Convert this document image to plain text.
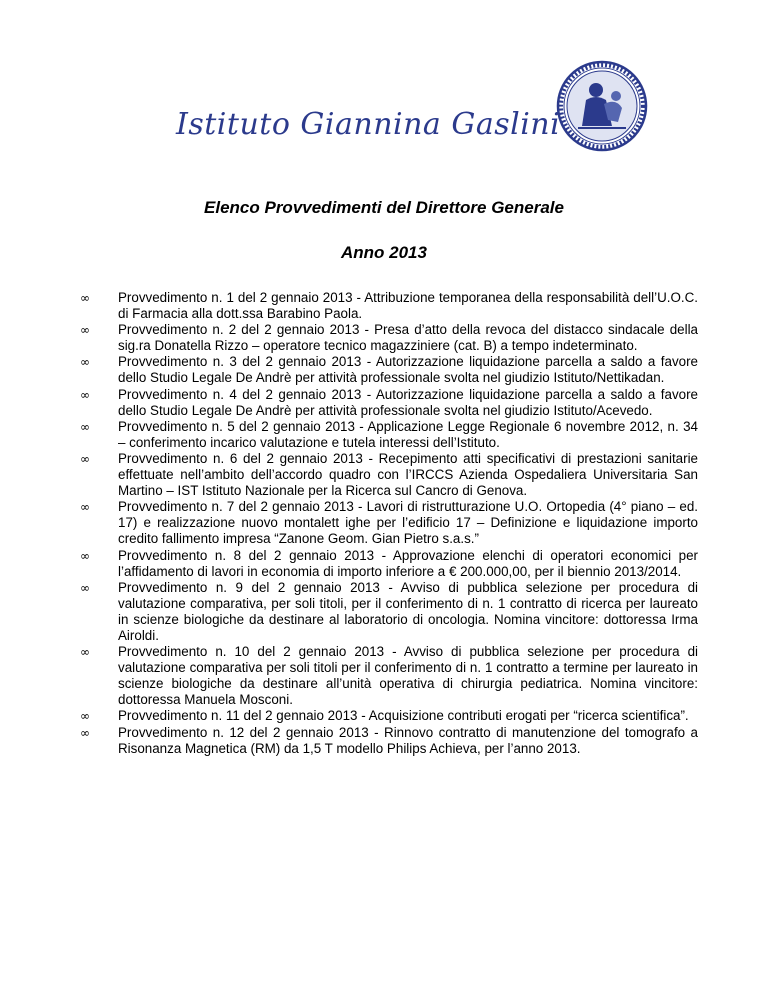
Istituto Giannina Gaslini
Elenco Provvedimenti del Direttore Generale
Anno 2013
∞ Provvedimento n. 1 del 2 gennaio 2013 - Attribuzione temporanea della responsabilità dell’U.O.C. di Farmacia alla dott.ssa Barabino Paola.
∞ Provvedimento n. 2 del 2 gennaio 2013 - Presa d’atto della revoca del distacco sindacale della sig.ra Donatella Rizzo – operatore tecnico magazziniere (cat. B) a tempo indeterminato.
∞ Provvedimento n. 3 del 2 gennaio 2013 - Autorizzazione liquidazione parcella a saldo a favore dello Studio Legale De Andrè per attività professionale svolta nel giudizio Istituto/Nettikadan.
∞ Provvedimento n. 4 del 2 gennaio 2013 - Autorizzazione liquidazione parcella a saldo a favore dello Studio Legale De Andrè per attività professionale svolta nel giudizio Istituto/Acevedo.
∞ Provvedimento n. 5 del 2 gennaio 2013 - Applicazione Legge Regionale 6 novembre 2012, n. 34 – conferimento incarico valutazione e tutela interessi dell’Istituto.
∞ Provvedimento n. 6 del 2 gennaio 2013 - Recepimento atti specificativi di prestazioni sanitarie effettuate nell’ambito dell’accordo quadro con l’IRCCS Azienda Ospedaliera Universitaria San Martino – IST Istituto Nazionale per la Ricerca sul Cancro di Genova.
∞ Provvedimento n. 7 del 2 gennaio 2013 - Lavori di ristrutturazione U.O. Ortopedia (4° piano – ed. 17) e realizzazione nuovo montalett ighe per l’edificio 17 – Definizione e liquidazione importo credito fallimento impresa “Zanone Geom. Gian Pietro s.a.s.”
∞ Provvedimento n. 8 del 2 gennaio 2013 - Approvazione elenchi di operatori economici per l’affidamento di lavori in economia di importo inferiore a € 200.000,00, per il biennio 2013/2014.
∞ Provvedimento n. 9 del 2 gennaio 2013 - Avviso di pubblica selezione per procedura di valutazione comparativa, per soli titoli, per il conferimento di n. 1 contratto di ricerca per laureato in scienze biologiche da destinare al laboratorio di oncologia. Nomina vincitore: dottoressa Irma Airoldi.
∞ Provvedimento n. 10 del 2 gennaio 2013 - Avviso di pubblica selezione per procedura di valutazione comparativa per soli titoli per il conferimento di n. 1 contratto a termine per laureato in scienze biologiche da destinare all’unità operativa di chirurgia pediatrica. Nomina vincitore: dottoressa Manuela Mosconi.
∞ Provvedimento n. 11 del 2 gennaio 2013 - Acquisizione contributi erogati per “ricerca scientifica”.
∞ Provvedimento n. 12 del 2 gennaio 2013 - Rinnovo contratto di manutenzione del tomografo a Risonanza Magnetica (RM) da 1,5 T modello Philips Achieva, per l’anno 2013.
